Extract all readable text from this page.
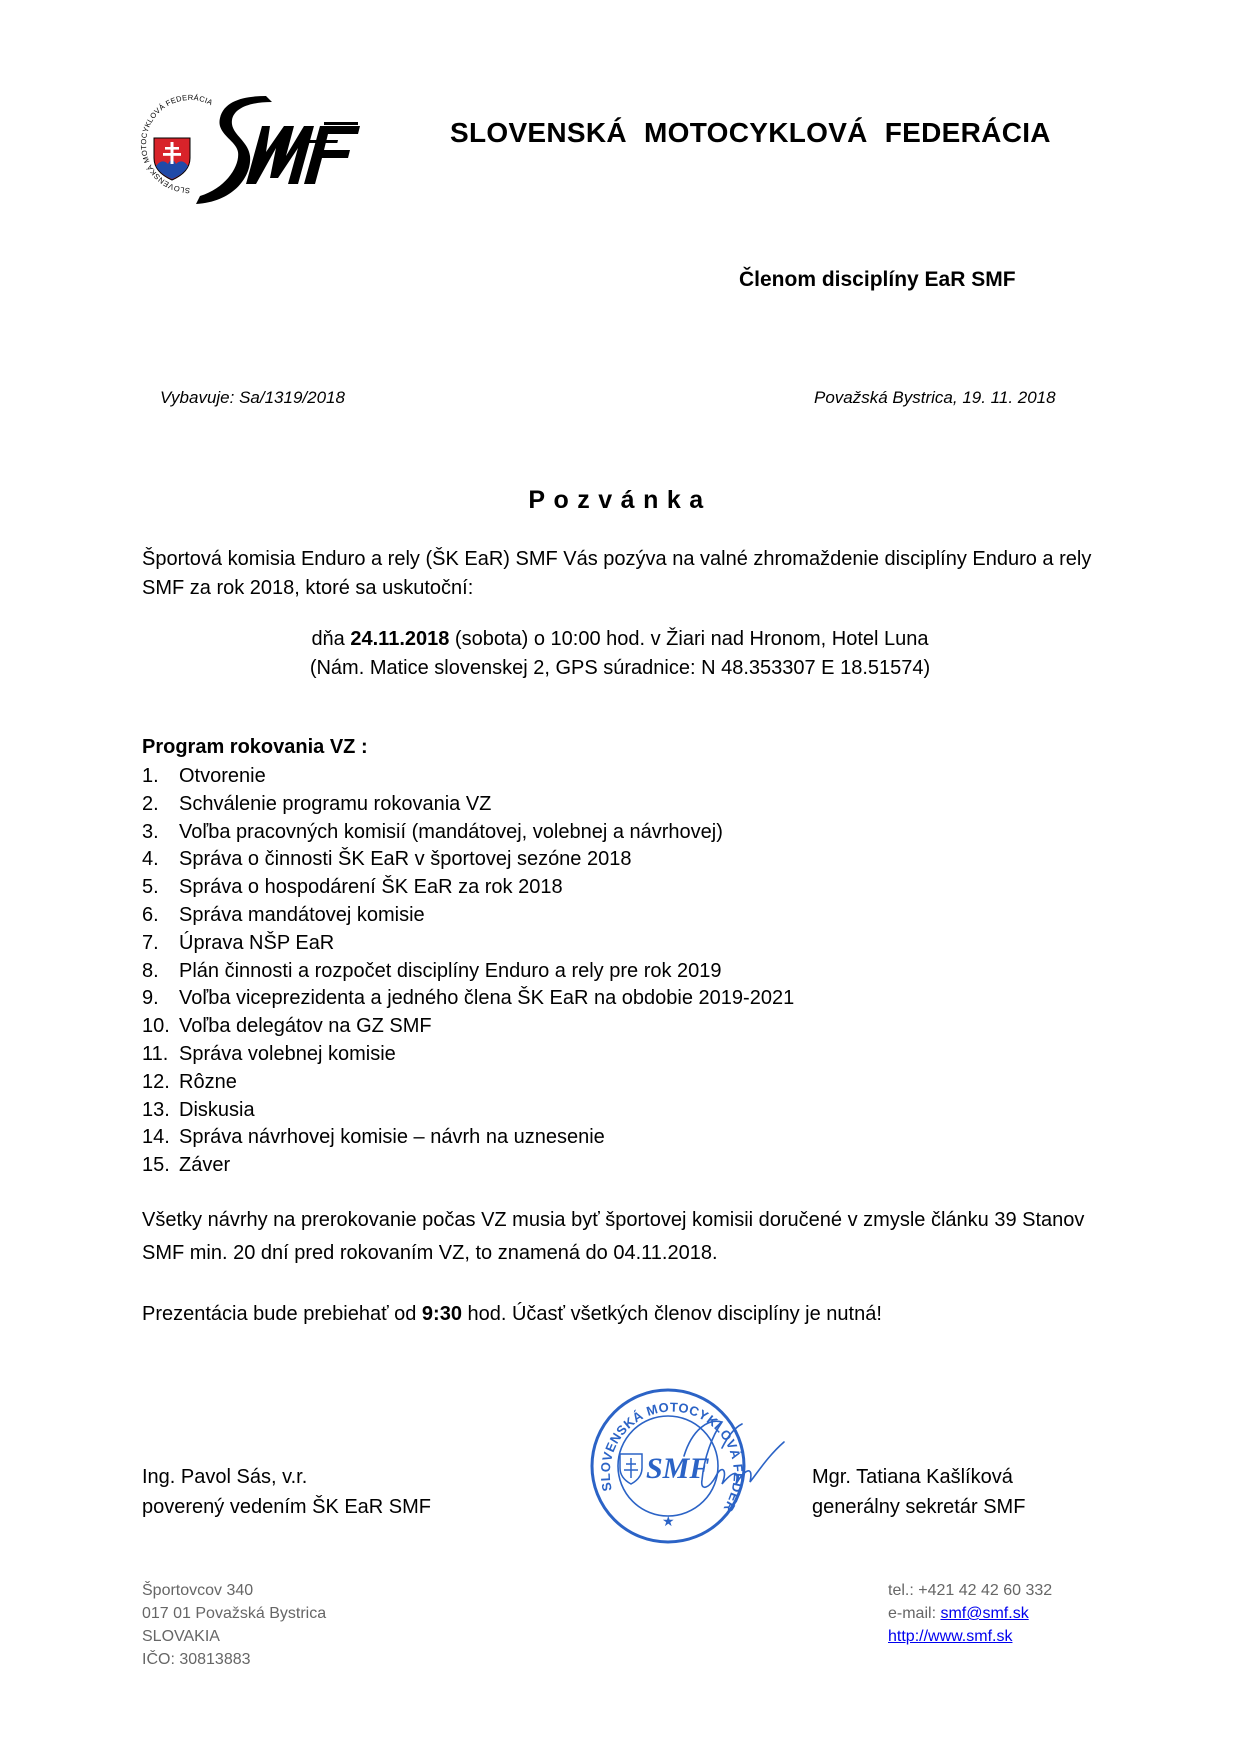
SLOVENSKÁ MOTOCYKLOVÁ FEDERÁCIA
SMF
SLOVENSKÁ MOTOCYKLOVÁ FEDERÁCIA
Členom disciplíny EaR SMF
Vybavuje: Sa/1319/2018	Považská Bystrica, 19. 11. 2018
Pozvánka
Športová komisia Enduro a rely (ŠK EaR) SMF Vás pozýva na valné zhromaždenie disciplíny Enduro a rely SMF za rok 2018, ktoré sa uskutoční:
dňa 24.11.2018 (sobota) o 10:00 hod. v Žiari nad Hronom, Hotel Luna
(Nám. Matice slovenskej 2, GPS súradnice: N 48.353307 E 18.51574)
Program rokovania VZ :
1. Otvorenie
2. Schválenie programu rokovania VZ
3. Voľba pracovných komisií (mandátovej, volebnej a návrhovej)
4. Správa o činnosti ŠK EaR v športovej sezóne 2018
5. Správa o hospodárení ŠK EaR za rok 2018
6. Správa mandátovej komisie
7. Úprava NŠP EaR
8. Plán činnosti a rozpočet disciplíny Enduro a rely pre rok 2019
9. Voľba viceprezidenta a jedného člena ŠK EaR na obdobie 2019-2021
10. Voľba delegátov na GZ SMF
11. Správa volebnej komisie
12. Rôzne
13. Diskusia
14. Správa návrhovej komisie – návrh na uznesenie
15. Záver
Všetky návrhy na prerokovanie počas VZ musia byť športovej komisii doručené v zmysle článku 39 Stanov SMF min. 20 dní pred rokovaním VZ, to znamená do 04.11.2018.
Prezentácia bude prebiehať od 9:30 hod. Účasť všetkých členov disciplíny je nutná!
SLOVENSKÁ MOTOCYKLOVÁ FEDER
SMF
★
Ing. Pavol Sás, v.r.
poverený vedením ŠK EaR SMF
Mgr. Tatiana Kašlíková
generálny sekretár SMF
Športovcov 340
017 01 Považská Bystrica
SLOVAKIA
IČO: 30813883
tel.: +421 42 42 60 332
e-mail: smf@smf.sk
http://www.smf.sk
